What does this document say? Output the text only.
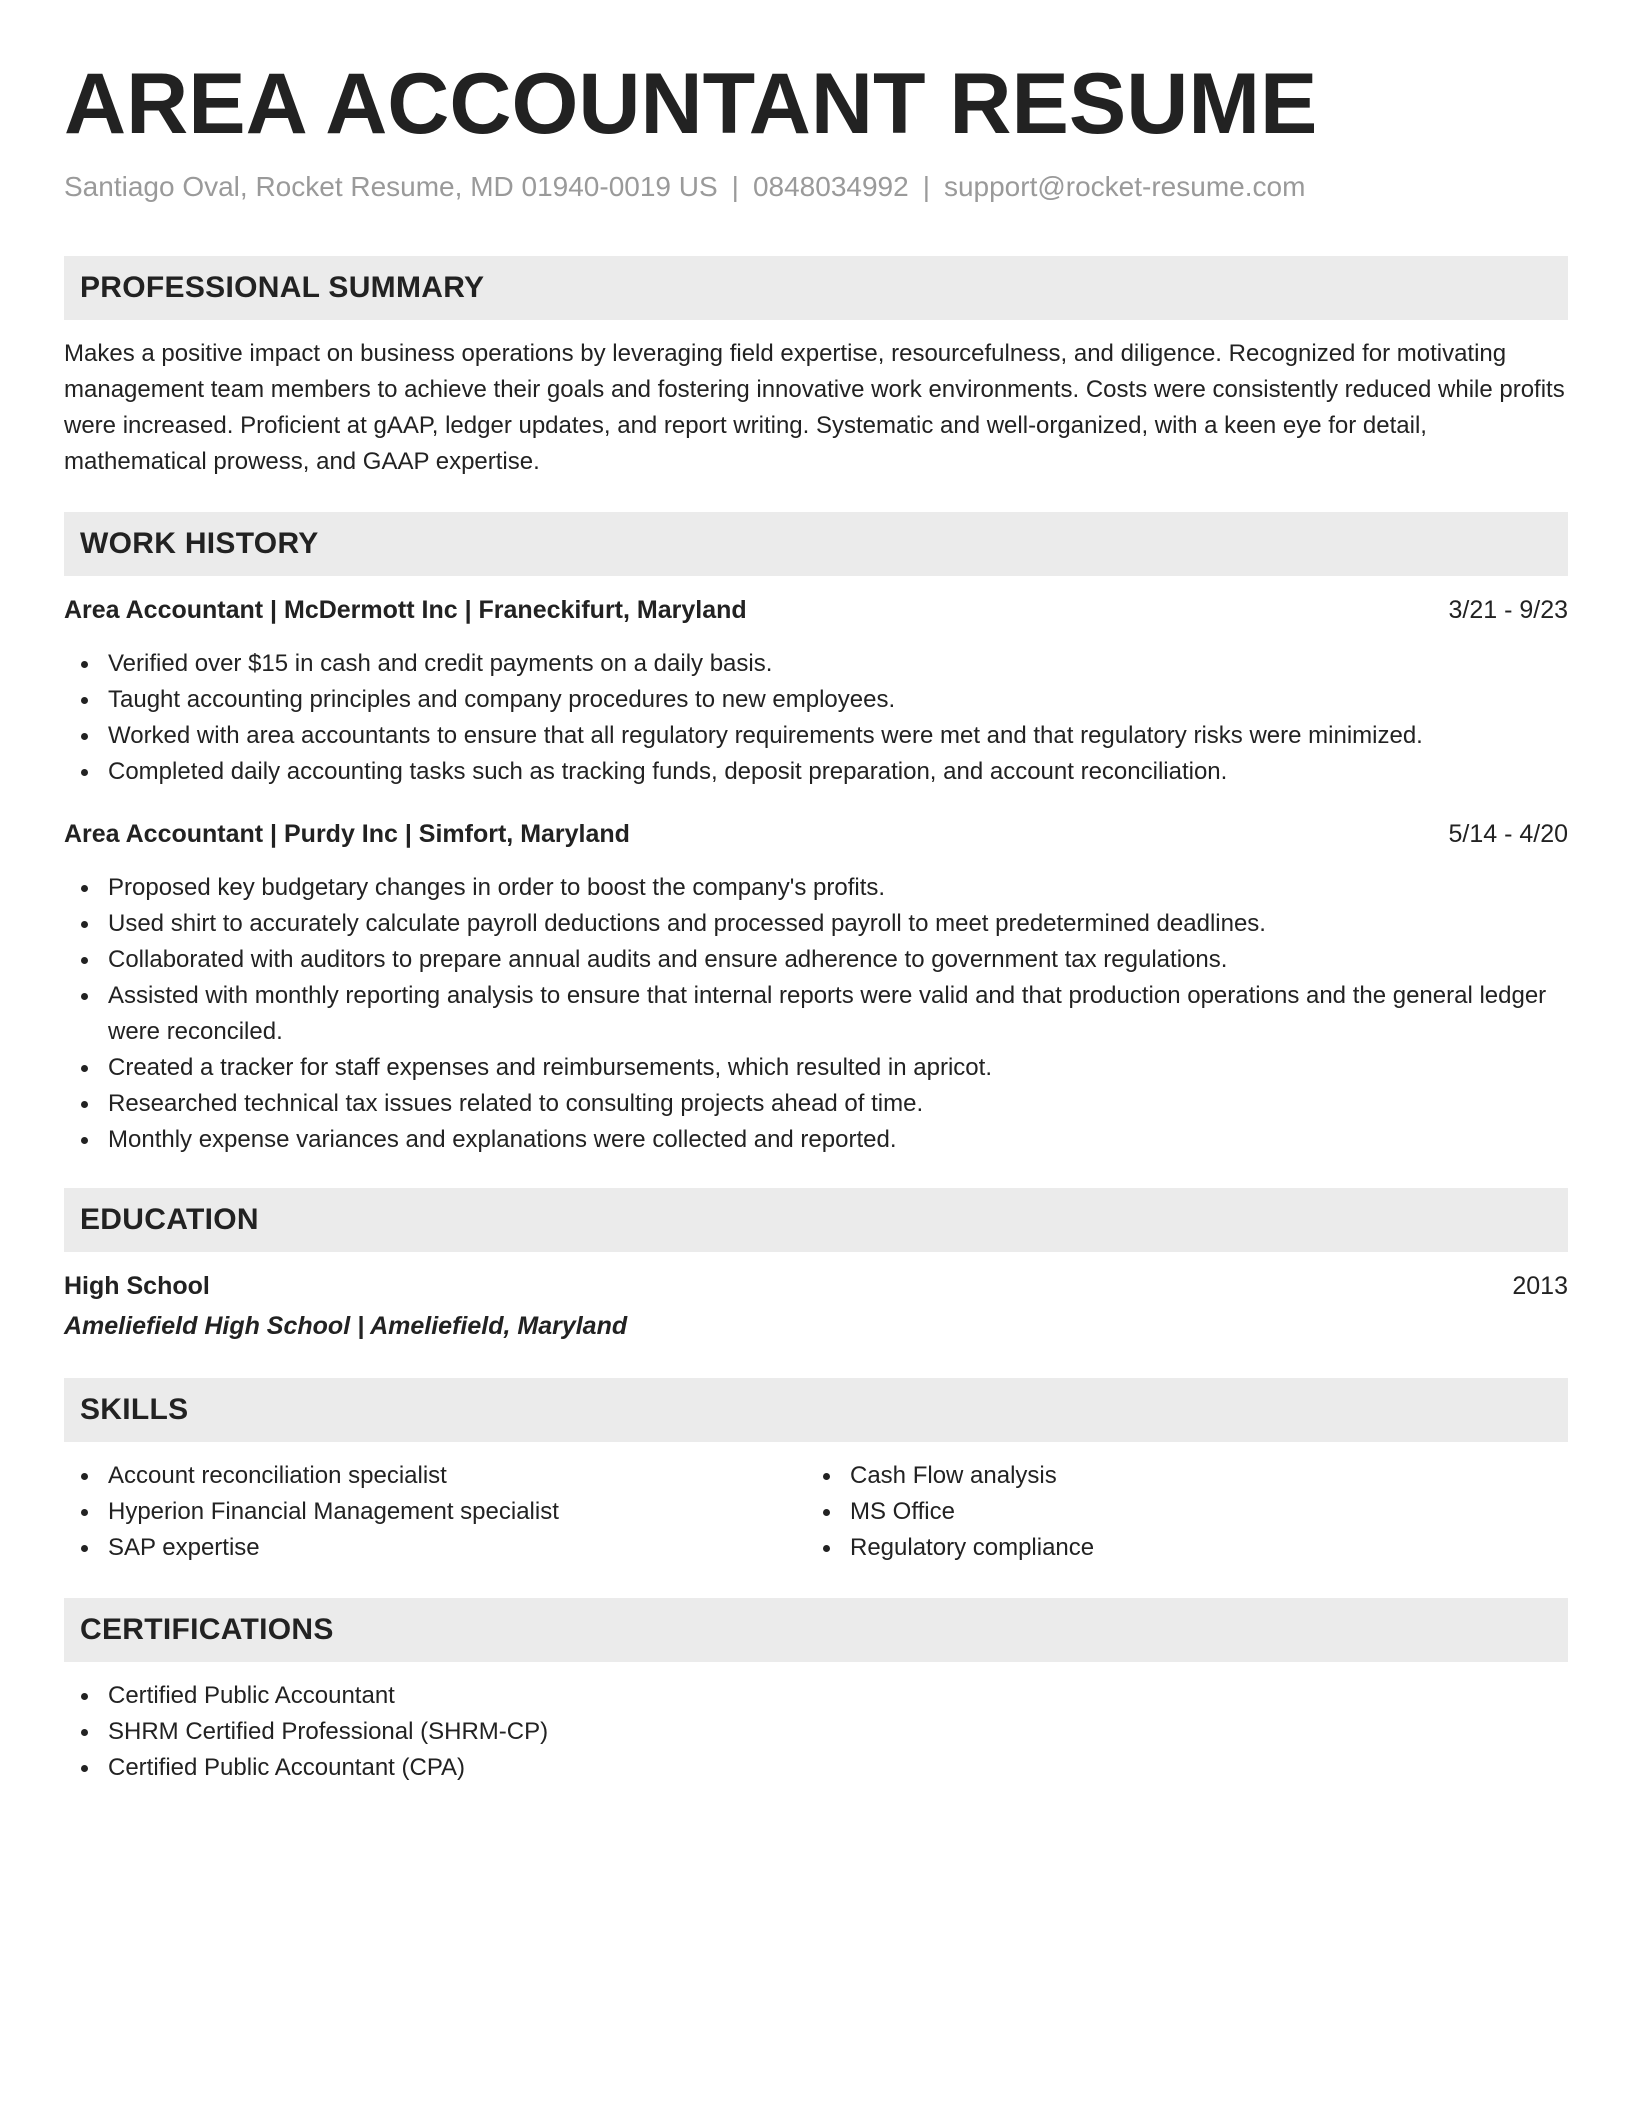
AREA ACCOUNTANT RESUME
Santiago Oval, Rocket Resume, MD 01940-0019 US | 0848034992 | support@rocket-resume.com
PROFESSIONAL SUMMARY

Makes a positive impact on business operations by leveraging field expertise, resourcefulness, and diligence. Recognized for motivating management team members to achieve their goals and fostering innovative work environments. Costs were consistently reduced while profits were increased. Proficient at gAAP, ledger updates, and report writing. Systematic and well-organized, with a keen eye for detail, mathematical prowess, and GAAP expertise.

WORK HISTORY
Area Accountant | McDermott Inc | Franeckifurt, Maryland	3/21 - 9/23
Verified over $15 in cash and credit payments on a daily basis.
Taught accounting principles and company procedures to new employees.
Worked with area accountants to ensure that all regulatory requirements were met and that regulatory risks were minimized.
Completed daily accounting tasks such as tracking funds, deposit preparation, and account reconciliation.
Area Accountant | Purdy Inc | Simfort, Maryland	5/14 - 4/20
Proposed key budgetary changes in order to boost the company's profits.
Used shirt to accurately calculate payroll deductions and processed payroll to meet predetermined deadlines.
Collaborated with auditors to prepare annual audits and ensure adherence to government tax regulations.
Assisted with monthly reporting analysis to ensure that internal reports were valid and that production operations and the general ledger were reconciled.
Created a tracker for staff expenses and reimbursements, which resulted in apricot.
Researched technical tax issues related to consulting projects ahead of time.
Monthly expense variances and explanations were collected and reported.
EDUCATION
High School	2013
Ameliefield High School | Ameliefield, Maryland
SKILLS
Account reconciliation specialist
Hyperion Financial Management specialist
SAP expertise
Cash Flow analysis
MS Office
Regulatory compliance
CERTIFICATIONS
Certified Public Accountant
SHRM Certified Professional (SHRM-CP)
Certified Public Accountant (CPA)
